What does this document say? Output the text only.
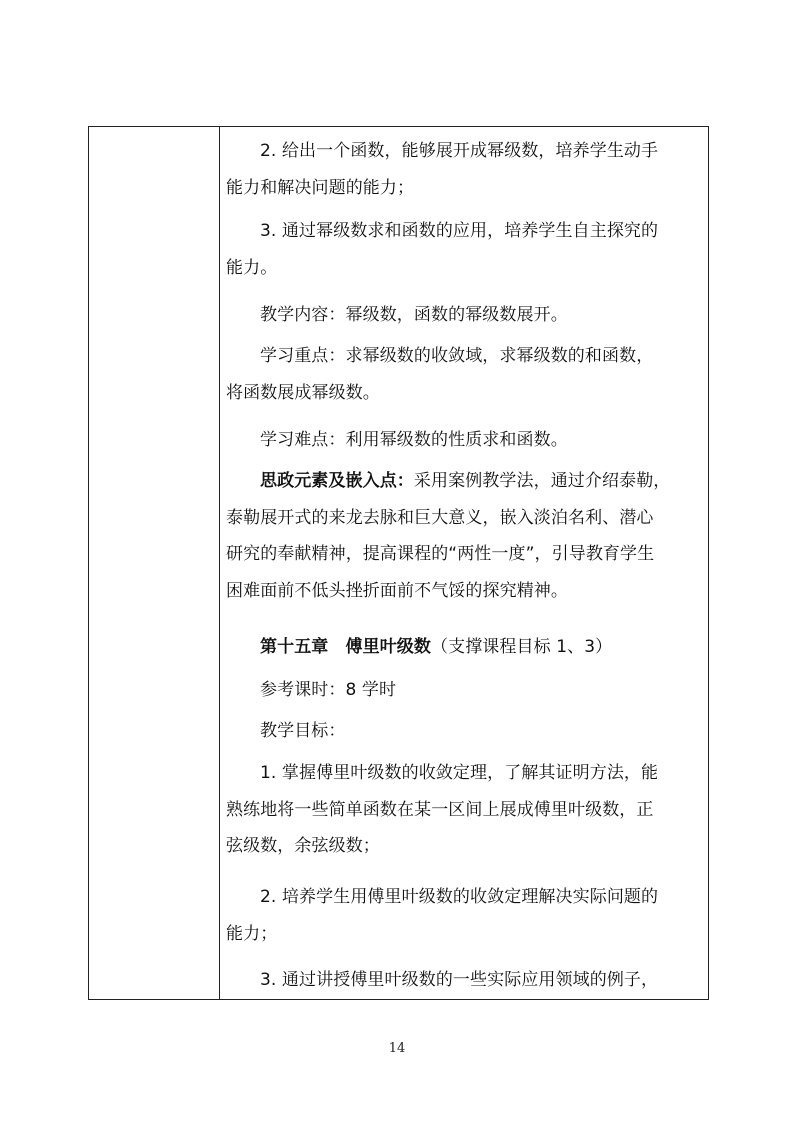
2. 给出一个函数，能够展开成幂级数，培养学生动手
能力和解决问题的能力；
3. 通过幂级数求和函数的应用，培养学生自主探究的
能力。
教学内容：幂级数，函数的幂级数展开。
学习重点：求幂级数的收敛域，求幂级数的和函数，
将函数展成幂级数。
学习难点：利用幂级数的性质求和函数。
思政元素及嵌入点：采用案例教学法，通过介绍泰勒，
泰勒展开式的来龙去脉和巨大意义，嵌入淡泊名利、潜心
研究的奉献精神，提高课程的“两性一度”，引导教育学生
困难面前不低头挫折面前不气馁的探究精神。
第十五章　傅里叶级数（支撑课程目标 1、3）
参考课时：8 学时
教学目标：
1. 掌握傅里叶级数的收敛定理，了解其证明方法，能
熟练地将一些简单函数在某一区间上展成傅里叶级数，正
弦级数，余弦级数；
2. 培养学生用傅里叶级数的收敛定理解决实际问题的
能力；
3. 通过讲授傅里叶级数的一些实际应用领域的例子，
14
